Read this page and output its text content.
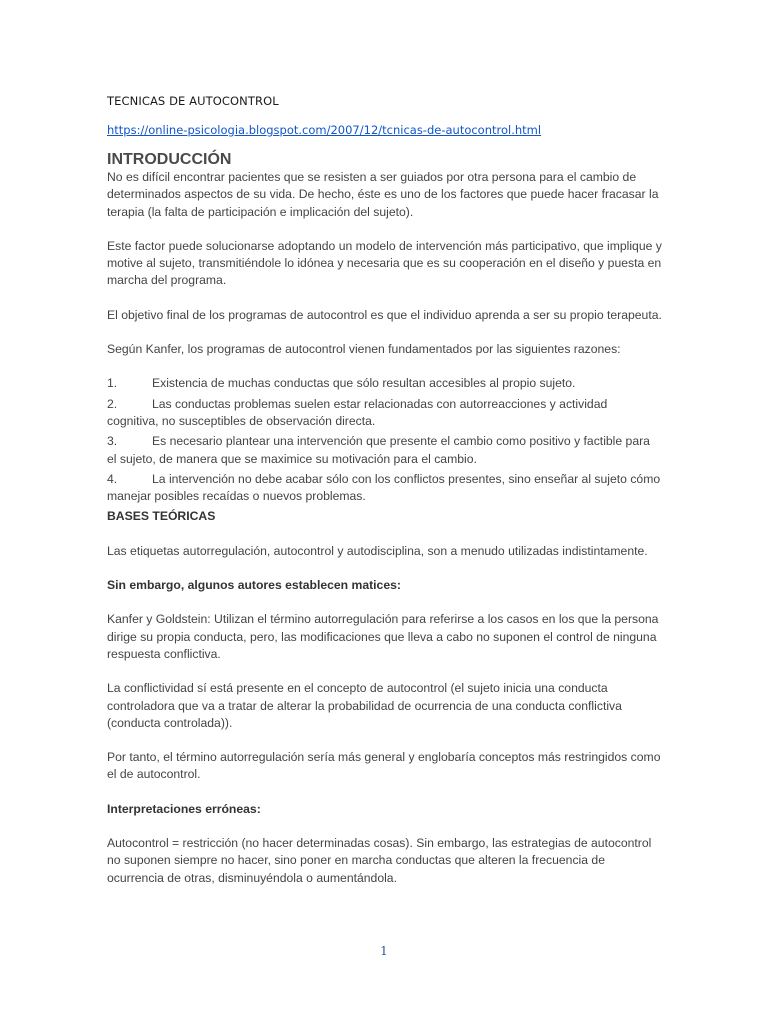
TECNICAS DE AUTOCONTROL
https://online-psicologia.blogspot.com/2007/12/tcnicas-de-autocontrol.html
INTRODUCCIÓN

No es difícil encontrar pacientes que se resisten a ser guiados por otra persona para el cambio de determinados aspectos de su vida. De hecho, éste es uno de los factores que puede hacer fracasar la terapia (la falta de participación e implicación del sujeto).

Este factor puede solucionarse adoptando un modelo de intervención más participativo, que implique y motive al sujeto, transmitiéndole lo idónea y necesaria que es su cooperación en el diseño y puesta en marcha del programa.

El objetivo final de los programas de autocontrol es que el individuo aprenda a ser su propio terapeuta.

Según Kanfer, los programas de autocontrol vienen fundamentados por las siguientes razones:

1.	Existencia de muchas conductas que sólo resultan accesibles al propio sujeto.
2.	Las conductas problemas suelen estar relacionadas con autorreacciones y actividad cognitiva, no susceptibles de observación directa.
3.	Es necesario plantear una intervención que presente el cambio como positivo y factible para el sujeto, de manera que se maximice su motivación para el cambio.
4.	La intervención no debe acabar sólo con los conflictos presentes, sino enseñar al sujeto cómo manejar posibles recaídas o nuevos problemas.
BASES TEÓRICAS

Las etiquetas autorregulación, autocontrol y autodisciplina, son a menudo utilizadas indistintamente.

Sin embargo, algunos autores establecen matices:

Kanfer y Goldstein: Utilizan el término autorregulación para referirse a los casos en los que la persona dirige su propia conducta, pero, las modificaciones que lleva a cabo no suponen el control de ninguna respuesta conflictiva.

La conflictividad sí está presente en el concepto de autocontrol (el sujeto inicia una conducta controladora que va a tratar de alterar la probabilidad de ocurrencia de una conducta conflictiva (conducta controlada)).

Por tanto, el término autorregulación sería más general y englobaría conceptos más restringidos como el de autocontrol.

Interpretaciones erróneas:

Autocontrol = restricción (no hacer determinadas cosas). Sin embargo, las estrategias de autocontrol no suponen siempre no hacer, sino poner en marcha conductas que alteren la frecuencia de ocurrencia de otras, disminuyéndola o aumentándola.

1
